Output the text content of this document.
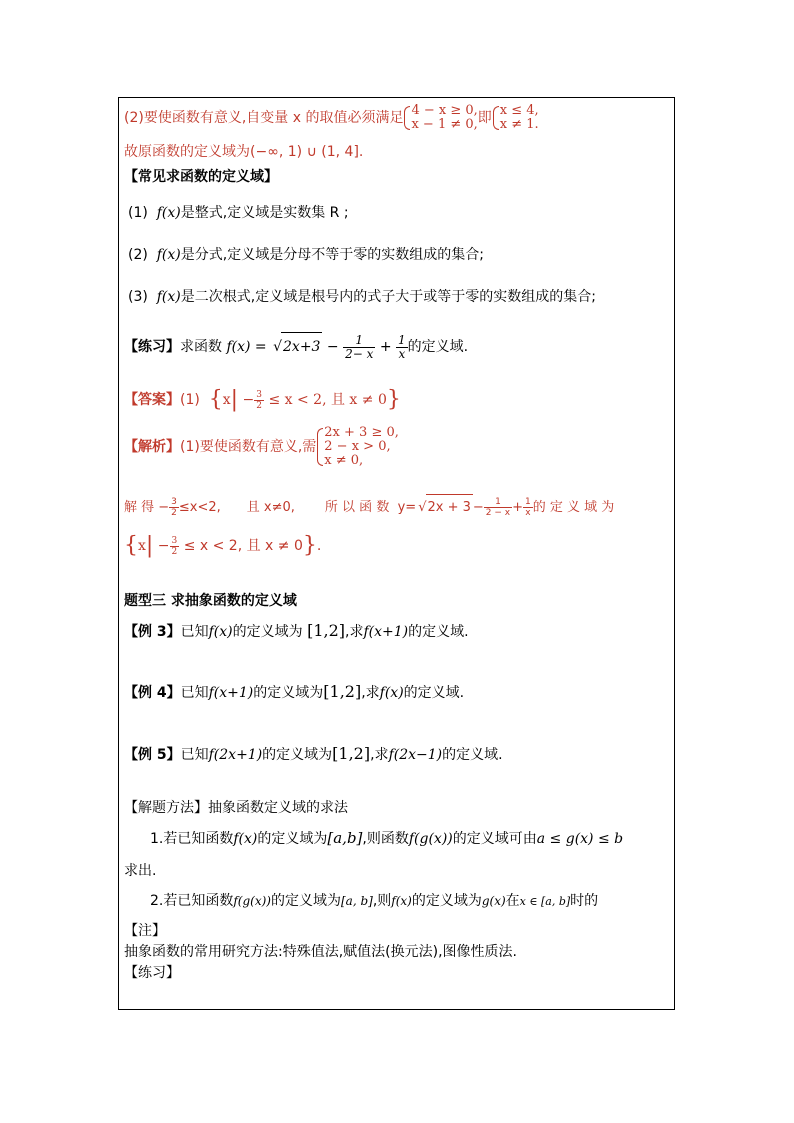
(2)要使函数有意义,自变量 x 的取值必须满足 4 − x ≥ 0,
x − 1 ≠ 0, 即 x ≤ 4,
x ≠ 1.
故原函数的定义域为(−∞, 1) ∪ (1, 4].
【常见求函数的定义域】
(1) f(x)是整式,定义域是实数集 R ;
(2) f(x)是分式,定义域是分母不等于零的实数组成的集合;
(3) f(x)是二次根式,定义域是根号内的式子大于或等于零的实数组成的集合;
【练习】求函数 f(x) = √ $2x+3 - \frac{1}{2- x} + \frac{1}{x}$ 的定义域.
【答案】(1) {$x| - \frac{3}{2} \le x < 2$, 且 x ≠ 0}
【解析】(1)要使函数有意义,需
2x + 3 ≥ 0,
2 − x > 0,
x ≠ 0,
解 得 − $\frac{3}{2} \le x<2$, 且 x≠0, 所 以 函 数 y= √ $2x + 3 - \frac{1}{2 - x} + \frac{1}{x}$ 的 定 义 域 为
{$x| - \frac{3}{2} \le x < 2$, 且 x ≠ 0}.
题型三 求抽象函数的定义域
【例 3】已知f(x)的定义域为 [1,2],求f(x+1)的定义域.
【例 4】已知f(x+1)的定义域为[1,2],求f(x)的定义域.
【例 5】已知f(2x+1)的定义域为[1,2],求f(2x−1)的定义域.
【解题方法】抽象函数定义域的求法
1.若已知函数f(x)的定义域为[a,b],则函数f(g(x))的定义域可由a ≤ g(x) ≤ b
求出.
2.若已知函数f(g(x))的定义域为[a, b],则f(x)的定义域为g(x)在x ∈ [a, b]时的
【注】
抽象函数的常用研究方法:特殊值法,赋值法(换元法),图像性质法.
【练习】
